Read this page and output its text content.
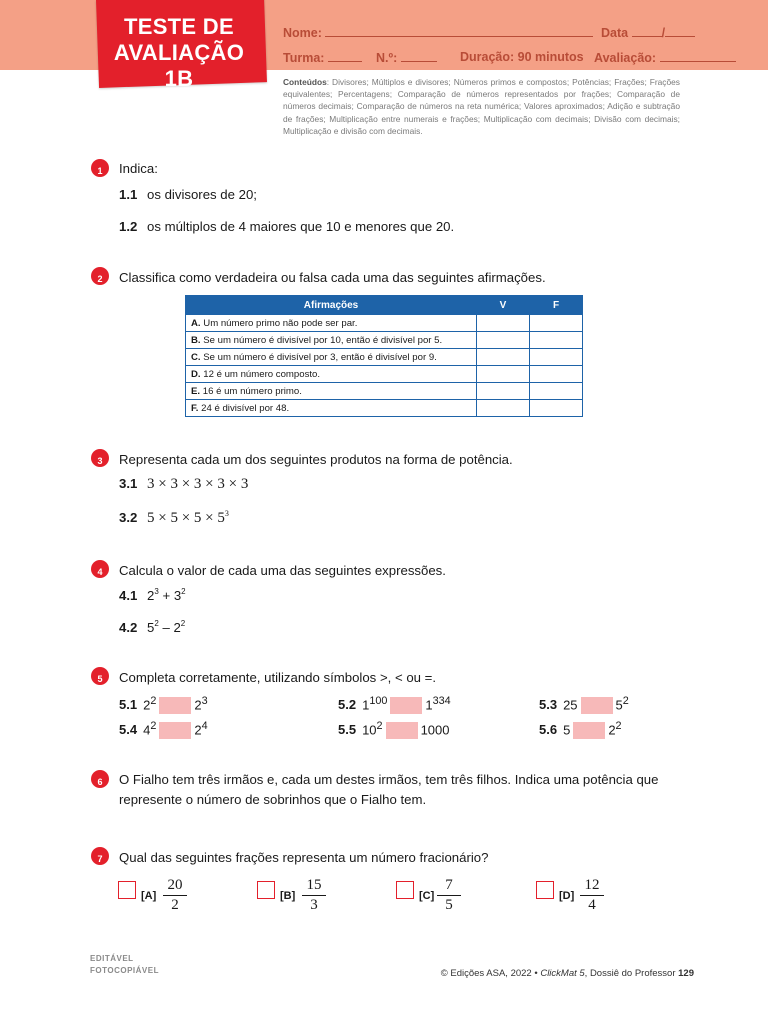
TESTE DE
AVALIAÇÃO 1B
Nome:	Data	/
Turma:	N.º:	Duração: 90 minutos Avaliação:
Conteúdos: Divisores; Múltiplos e divisores; Números primos e compostos; Potências; Frações; Frações equivalentes; Percentagens; Comparação de números representados por frações; Comparação de números decimais; Comparação de números na reta numérica; Valores aproximados; Adição e subtração de frações; Multiplicação entre numerais e frações; Multiplicação com decimais; Divisão com decimais; Multiplicação e divisão com decimais.
1	Indica:
1.1 os divisores de 20;
1.2 os múltiplos de 4 maiores que 10 e menores que 20.
2	Classifica como verdadeira ou falsa cada uma das seguintes afirmações.
Afirmações	V	F
A. Um número primo não pode ser par.		
B. Se um número é divisível por 10, então é divisível por 5.		
C. Se um número é divisível por 3, então é divisível por 9.		
D. 12 é um número composto.		
E. 16 é um número primo.		
F. 24 é divisível por 48.		
3	Representa cada um dos seguintes produtos na forma de potência.
3.1 3 × 3 × 3 × 3 × 3
3.2 $5 \times 5 \times 5 \times 5^3$
4	Calcula o valor de cada uma das seguintes expressões.
4.1 $2^3 + 3^2$
4.2 $5^2 - 2^2$
5	Completa corretamente, utilizando símbolos >, < ou =.
5.1 $2^2$	$2^3$	5.2 $1^{100}$	$1^{334}$	5.3 25	$5^2$
5.4 $4^2$	$2^4$	5.5 $10^2$	1000	5.6 5	$2^2$
6	O Fialho tem três irmãos e, cada um destes irmãos, tem três filhos. Indica uma potência que
represente o número de sobrinhos que o Fialho tem.
7	Qual das seguintes frações representa um número fracionário?
$[A] \frac{20}{2}$	$[B] \frac{15}{3}$	$[C] \frac{7}{5}$	$[D] \frac{12}{4}$
EDITÁVEL
FOTOCOPIÁVEL	© Edições ASA, 2022 • ClickMat 5, Dossiê do Professor 129
